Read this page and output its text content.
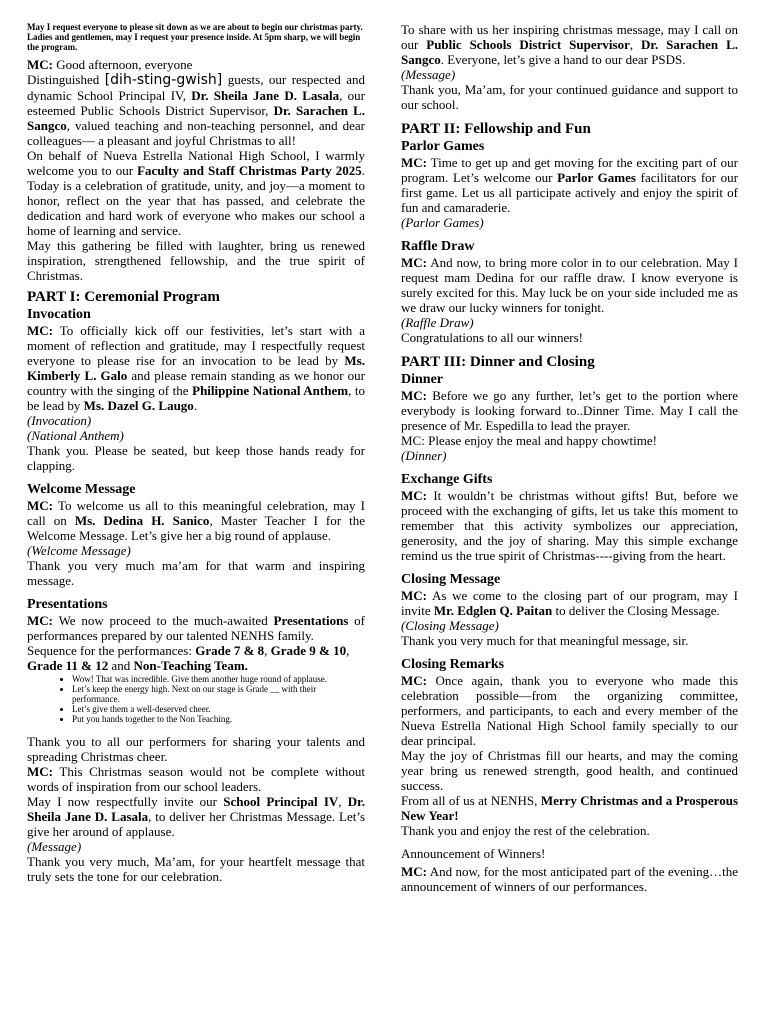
May I request everyone to please sit down as we are about to begin our christmas party.

Ladies and gentlemen, may I request your presence inside. At 5pm sharp, we will begin the program.

MC: Good afternoon, everyone

Distinguished [dih-sting-gwish] guests, our respected and dynamic School Principal IV, Dr. Sheila Jane D. Lasala, our esteemed Public Schools District Supervisor, Dr. Sarachen L. Sangco, valued teaching and non-teaching personnel, and dear colleagues— a pleasant and joyful Christmas to all!

On behalf of Nueva Estrella National High School, I warmly welcome you to our Faculty and Staff Christmas Party 2025. Today is a celebration of gratitude, unity, and joy—a moment to honor, reflect on the year that has passed, and celebrate the dedication and hard work of everyone who makes our school a home of learning and service.

May this gathering be filled with laughter, bring us renewed inspiration, strengthened fellowship, and the true spirit of Christmas.

PART I: Ceremonial Program
Invocation

MC: To officially kick off our festivities, let’s start with a moment of reflection and gratitude, may I respectfully request everyone to please rise for an invocation to be lead by Ms. Kimberly L. Galo and please remain standing as we honor our country with the singing of the Philippine National Anthem, to be lead by Ms. Dazel G. Laugo.

(Invocation)

(National Anthem)

Thank you. Please be seated, but keep those hands ready for clapping.

Welcome Message

MC: To welcome us all to this meaningful celebration, may I call on Ms. Dedina H. Sanico, Master Teacher I for the Welcome Message. Let’s give her a big round of applause.

(Welcome Message)

Thank you very much ma’am for that warm and inspiring message.

Presentations

MC: We now proceed to the much-awaited Presentations of performances prepared by our talented NENHS family.

Sequence for the performances: Grade 7 & 8, Grade 9 & 10, Grade 11 & 12 and Non-Teaching Team.

• Wow! That was incredible. Give them another huge round of applause.
• Let’s keep the energy high. Next on our stage is Grade __ with their performance.
• Let’s give them a well-deserved cheer.
• Put you hands together to the Non Teaching.

Thank you to all our performers for sharing your talents and spreading Christmas cheer.

MC: This Christmas season would not be complete without words of inspiration from our school leaders.

May I now respectfully invite our School Principal IV, Dr. Sheila Jane D. Lasala, to deliver her Christmas Message. Let’s give her around of applause.

(Message)

Thank you very much, Ma’am, for your heartfelt message that truly sets the tone for our celebration.

To share with us her inspiring christmas message, may I call on our Public Schools District Supervisor, Dr. Sarachen L. Sangco. Everyone, let’s give a hand to our dear PSDS.

(Message)

Thank you, Ma’am, for your continued guidance and support to our school.

PART II: Fellowship and Fun
Parlor Games

MC: Time to get up and get moving for the exciting part of our program. Let’s welcome our Parlor Games facilitators for our first game. Let us all participate actively and enjoy the spirit of fun and camaraderie.

(Parlor Games)

Raffle Draw

MC: And now, to bring more color in to our celebration. May I request mam Dedina for our raffle draw. I know everyone is surely excited for this. May luck be on your side included me as we draw our lucky winners for tonight.

(Raffle Draw)

Congratulations to all our winners!

PART III: Dinner and Closing
Dinner

MC: Before we go any further, let’s get to the portion where everybody is looking forward to..Dinner Time. May I call the presence of Mr. Espedilla to lead the prayer.

MC: Please enjoy the meal and happy chowtime!

(Dinner)

Exchange Gifts

MC: It wouldn’t be christmas without gifts! But, before we proceed with the exchanging of gifts, let us take this moment to remember that this activity symbolizes our appreciation, generosity, and the joy of sharing. May this simple exchange remind us the true spirit of Christmas----giving from the heart.

Closing Message

MC: As we come to the closing part of our program, may I invite Mr. Edglen Q. Paitan to deliver the Closing Message.

(Closing Message)

Thank you very much for that meaningful message, sir.

Closing Remarks

MC: Once again, thank you to everyone who made this celebration possible—from the organizing committee, performers, and participants, to each and every member of the Nueva Estrella National High School family specially to our dear principal.

May the joy of Christmas fill our hearts, and may the coming year bring us renewed strength, good health, and continued success.

From all of us at NENHS, Merry Christmas and a Prosperous New Year!

Thank you and enjoy the rest of the celebration.

Announcement of Winners!

MC: And now, for the most anticipated part of the evening…the announcement of winners of our performances.
